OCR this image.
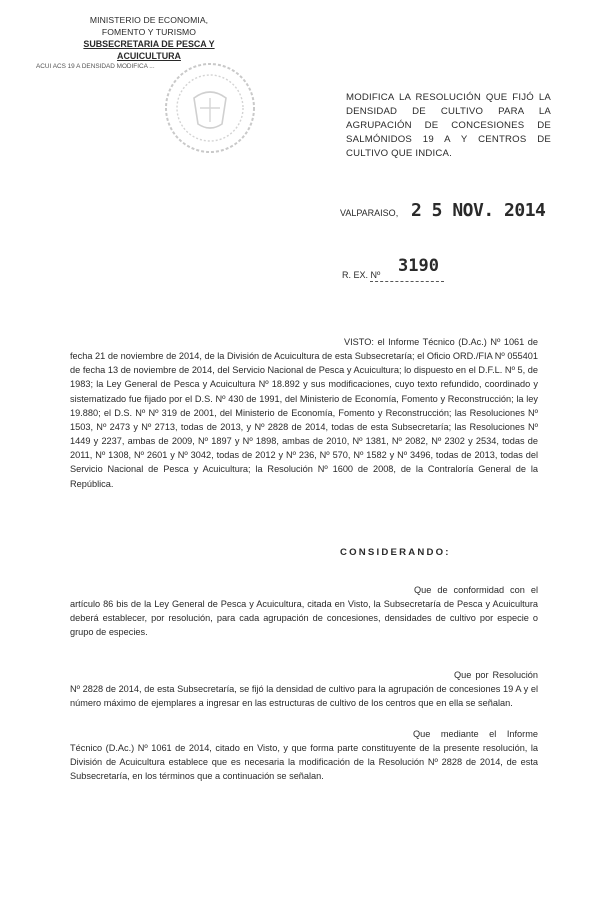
MINISTERIO DE ECONOMIA,
FOMENTO Y TURISMO
SUBSECRETARIA DE PESCA Y ACUICULTURA
ACUI ACS 19 A DENSIDAD MODIFICA ...
MODIFICA LA RESOLUCIÓN QUE FIJÓ LA DENSIDAD DE CULTIVO PARA LA AGRUPACIÓN DE CONCESIONES DE SALMÓNIDOS 19 A Y CENTROS DE CULTIVO QUE INDICA.
VALPARAISO, 2 5 NOV. 2014
R. EX. Nº 3190
VISTO: el Informe Técnico (D.Ac.) Nº 1061 de fecha 21 de noviembre de 2014, de la División de Acuicultura de esta Subsecretaría; el Oficio ORD./FIA Nº 055401 de fecha 13 de noviembre de 2014, del Servicio Nacional de Pesca y Acuicultura; lo dispuesto en el D.F.L. Nº 5, de 1983; la Ley General de Pesca y Acuicultura Nº 18.892 y sus modificaciones, cuyo texto refundido, coordinado y sistematizado fue fijado por el D.S. Nº 430 de 1991, del Ministerio de Economía, Fomento y Reconstrucción; la ley 19.880; el D.S. Nº Nº 319 de 2001, del Ministerio de Economía, Fomento y Reconstrucción; las Resoluciones Nº 1503, Nº 2473 y Nº 2713, todas de 2013, y Nº 2828 de 2014, todas de esta Subsecretaría; las Resoluciones Nº 1449 y 2237, ambas de 2009, Nº 1897 y Nº 1898, ambas de 2010, Nº 1381, Nº 2082, Nº 2302 y 2534, todas de 2011, Nº 1308, Nº 2601 y Nº 3042, todas de 2012 y Nº 236, Nº 570, Nº 1582 y Nº 3496, todas de 2013, todas del Servicio Nacional de Pesca y Acuicultura; la Resolución Nº 1600 de 2008, de la Contraloría General de la República.
CONSIDERANDO:
Que de conformidad con el artículo 86 bis de la Ley General de Pesca y Acuicultura, citada en Visto, la Subsecretaría de Pesca y Acuicultura deberá establecer, por resolución, para cada agrupación de concesiones, densidades de cultivo por especie o grupo de especies.
Que por Resolución Nº 2828 de 2014, de esta Subsecretaría, se fijó la densidad de cultivo para la agrupación de concesiones 19 A y el número máximo de ejemplares a ingresar en las estructuras de cultivo de los centros que en ella se señalan.
Que mediante el Informe Técnico (D.Ac.) Nº 1061 de 2014, citado en Visto, y que forma parte constituyente de la presente resolución, la División de Acuicultura establece que es necesaria la modificación de la Resolución Nº 2828 de 2014, de esta Subsecretaría, en los términos que a continuación se señalan.
